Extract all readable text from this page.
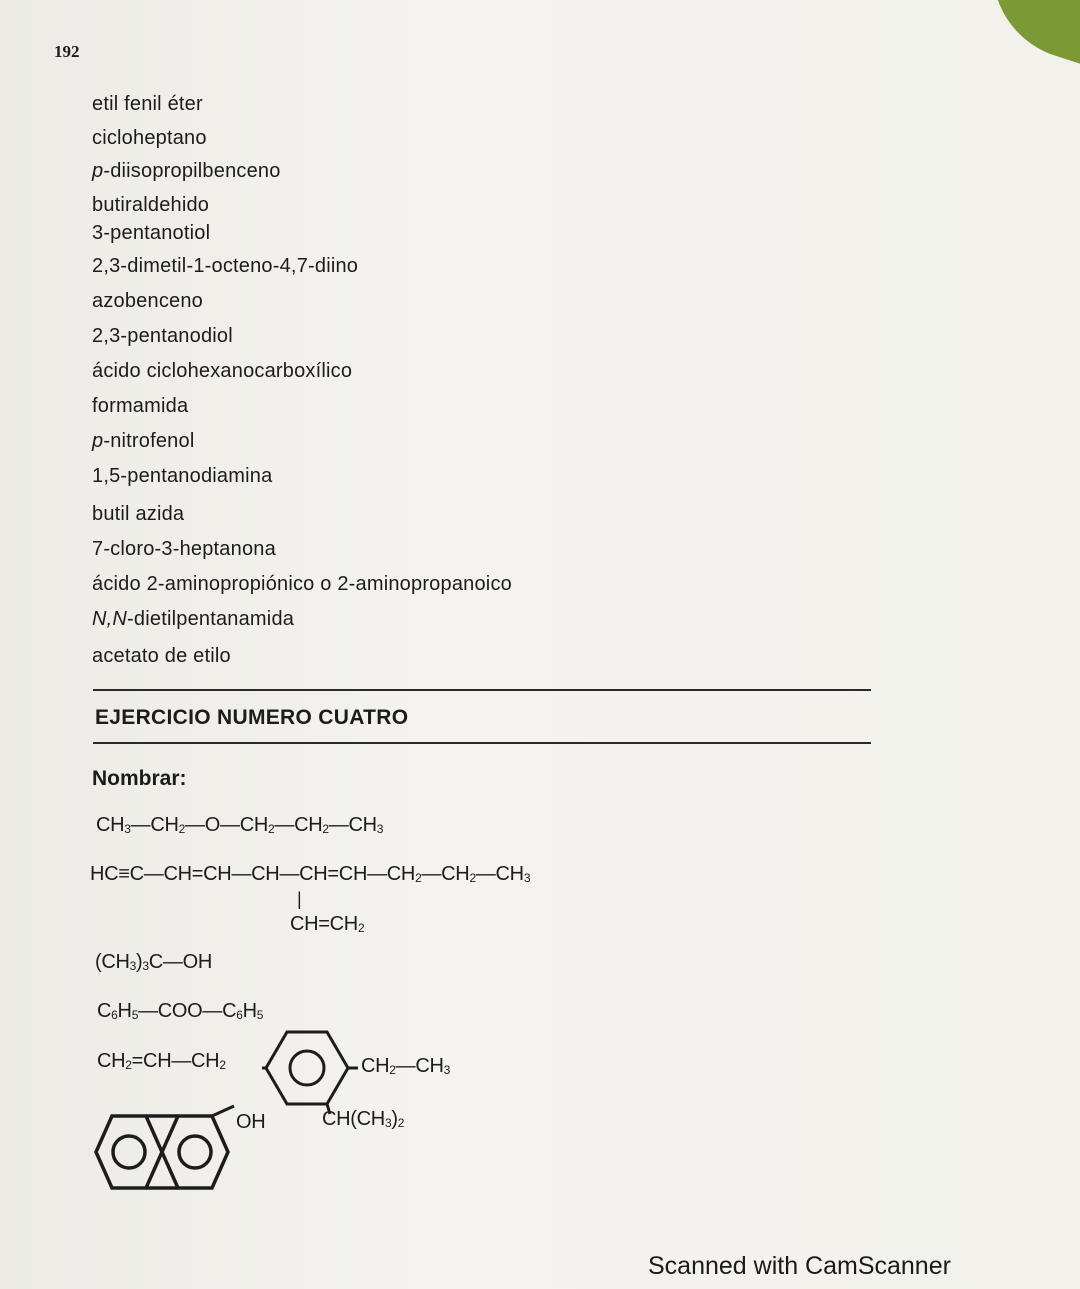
192
etil fenil éter
cicloheptano
p-diisopropilbenceno
butiraldehido
3-pentanotiol
2,3-dimetil-1-octeno-4,7-diino
azobenceno
2,3-pentanodiol
ácido ciclohexanocarboxílico
formamida
p-nitrofenol
1,5-pentanodiamina
butil azida
7-cloro-3-heptanona
ácido 2-aminopropiónico o 2-aminopropanoico
N,N-dietilpentanamida
acetato de etilo
EJERCICIO NUMERO CUATRO
Nombrar:
$CH_3—CH_2—O—CH_2—CH_2—CH_3$
$HC\equiv C—CH=CH—CH—CH=CH—CH_2—CH_2—CH_3$
|
$CH=CH_2$
$(CH_3)_3C—OH$
$C_6H_5—COO—C_6H_5$
$CH_2=CH—CH_2$	$CH_2—CH_3$
$CH(CH_3)_2$
OH
Scanned with CamScanner
